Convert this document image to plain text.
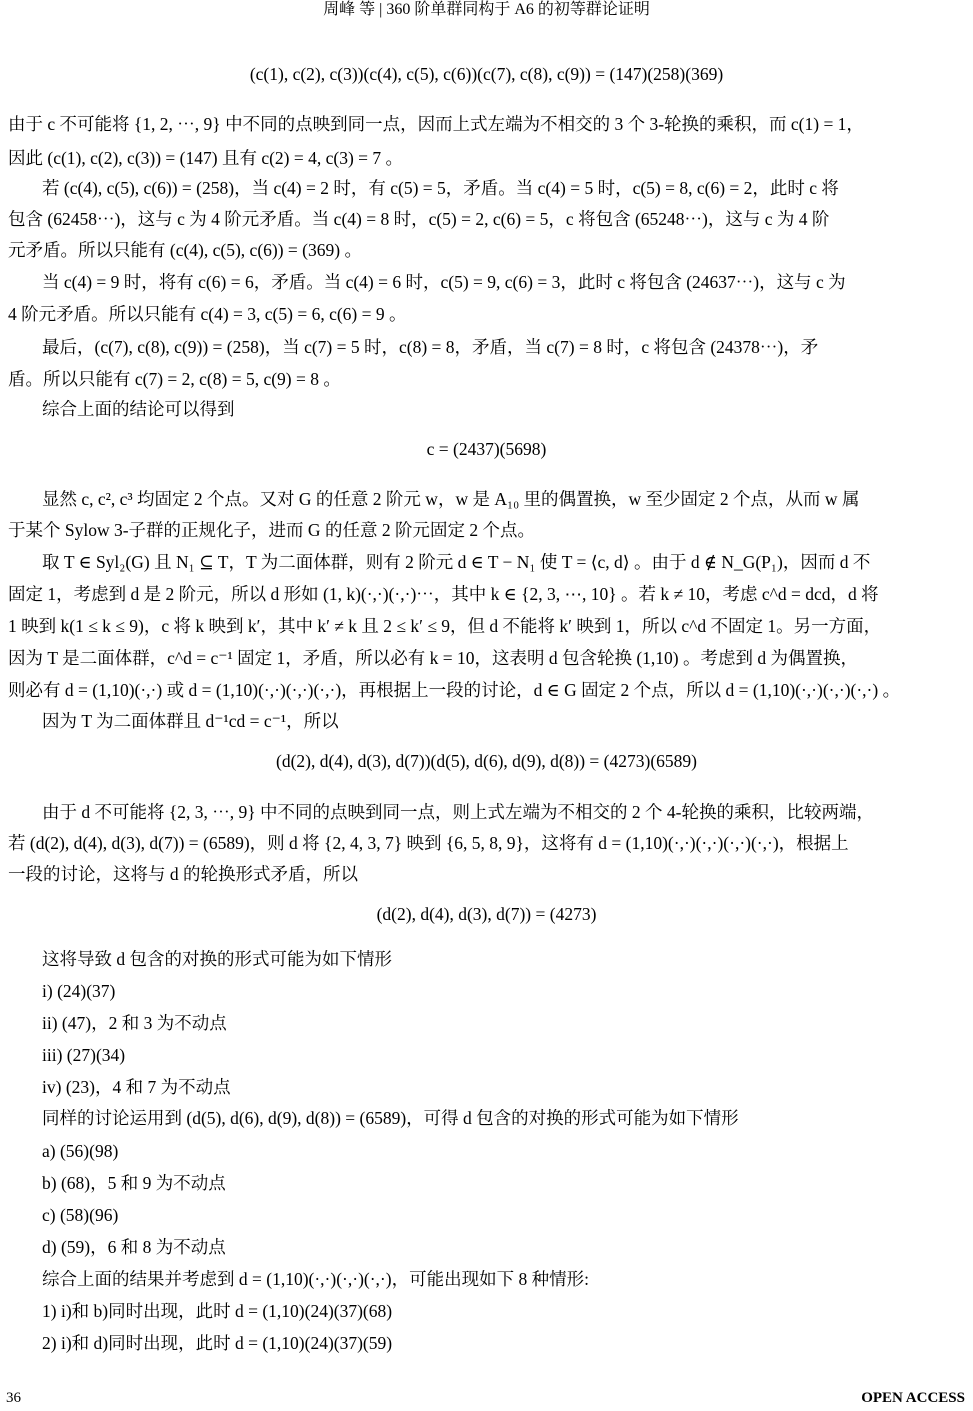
周峰 等 | 360 阶单群同构于 A6 的初等群论证明
(c(1), c(2), c(3))(c(4), c(5), c(6))(c(7), c(8), c(9)) = (147)(258)(369)
由于 c 不可能将 {1, 2, ⋯, 9} 中不同的点映到同一点，因而上式左端为不相交的 3 个 3-轮换的乘积，而 c(1) = 1，
因此 (c(1), c(2), c(3)) = (147) 且有 c(2) = 4, c(3) = 7 。
若 (c(4), c(5), c(6)) = (258)，当 c(4) = 2 时，有 c(5) = 5，矛盾。当 c(4) = 5 时，c(5) = 8, c(6) = 2，此时 c 将
包含 (62458⋯)，这与 c 为 4 阶元矛盾。当 c(4) = 8 时，c(5) = 2, c(6) = 5，c 将包含 (65248⋯)，这与 c 为 4 阶
元矛盾。所以只能有 (c(4), c(5), c(6)) = (369) 。
当 c(4) = 9 时，将有 c(6) = 6，矛盾。当 c(4) = 6 时，c(5) = 9, c(6) = 3，此时 c 将包含 (24637⋯)，这与 c 为
4 阶元矛盾。所以只能有 c(4) = 3, c(5) = 6, c(6) = 9 。
最后，(c(7), c(8), c(9)) = (258)，当 c(7) = 5 时，c(8) = 8，矛盾，当 c(7) = 8 时，c 将包含 (24378⋯)，矛
盾。所以只能有 c(7) = 2, c(8) = 5, c(9) = 8 。
综合上面的结论可以得到
c = (2437)(5698)
显然 c, c², c³ 均固定 2 个点。又对 G 的任意 2 阶元 w，w 是 A₁₀ 里的偶置换，w 至少固定 2 个点，从而 w 属
于某个 Sylow 3-子群的正规化子，进而 G 的任意 2 阶元固定 2 个点。
取 T ∈ Syl₂(G) 且 N₁ ⊆ T，T 为二面体群，则有 2 阶元 d ∈ T − N₁ 使 T = ⟨c, d⟩ 。由于 d ∉ N_G(P₁)，因而 d 不
固定 1，考虑到 d 是 2 阶元，所以 d 形如 (1, k)(·,·)(·,·)⋯，其中 k ∈ {2, 3, ⋯, 10} 。若 k ≠ 10，考虑 c^d = dcd，d 将
1 映到 k(1 ≤ k ≤ 9)，c 将 k 映到 k′，其中 k′ ≠ k 且 2 ≤ k′ ≤ 9，但 d 不能将 k′ 映到 1，所以 c^d 不固定 1。另一方面，
因为 T 是二面体群，c^d = c⁻¹ 固定 1，矛盾，所以必有 k = 10，这表明 d 包含轮换 (1,10) 。考虑到 d 为偶置换，
则必有 d = (1,10)(·,·) 或 d = (1,10)(·,·)(·,·)(·,·)，再根据上一段的讨论，d ∈ G 固定 2 个点，所以 d = (1,10)(·,·)(·,·)(·,·) 。
因为 T 为二面体群且 d⁻¹cd = c⁻¹，所以
(d(2), d(4), d(3), d(7))(d(5), d(6), d(9), d(8)) = (4273)(6589)
由于 d 不可能将 {2, 3, ⋯, 9} 中不同的点映到同一点，则上式左端为不相交的 2 个 4-轮换的乘积，比较两端，
若 (d(2), d(4), d(3), d(7)) = (6589)，则 d 将 {2, 4, 3, 7} 映到 {6, 5, 8, 9}，这将有 d = (1,10)(·,·)(·,·)(·,·)(·,·)，根据上
一段的讨论，这将与 d 的轮换形式矛盾，所以
(d(2), d(4), d(3), d(7)) = (4273)
这将导致 d 包含的对换的形式可能为如下情形
i) (24)(37)
ii) (47)，2 和 3 为不动点
iii) (27)(34)
iv) (23)，4 和 7 为不动点
同样的讨论运用到 (d(5), d(6), d(9), d(8)) = (6589)，可得 d 包含的对换的形式可能为如下情形
a) (56)(98)
b) (68)，5 和 9 为不动点
c) (58)(96)
d) (59)，6 和 8 为不动点
综合上面的结果并考虑到 d = (1,10)(·,·)(·,·)(·,·)，可能出现如下 8 种情形:
1) i)和 b)同时出现，此时 d = (1,10)(24)(37)(68)
2) i)和 d)同时出现，此时 d = (1,10)(24)(37)(59)
36	OPEN ACCESS
